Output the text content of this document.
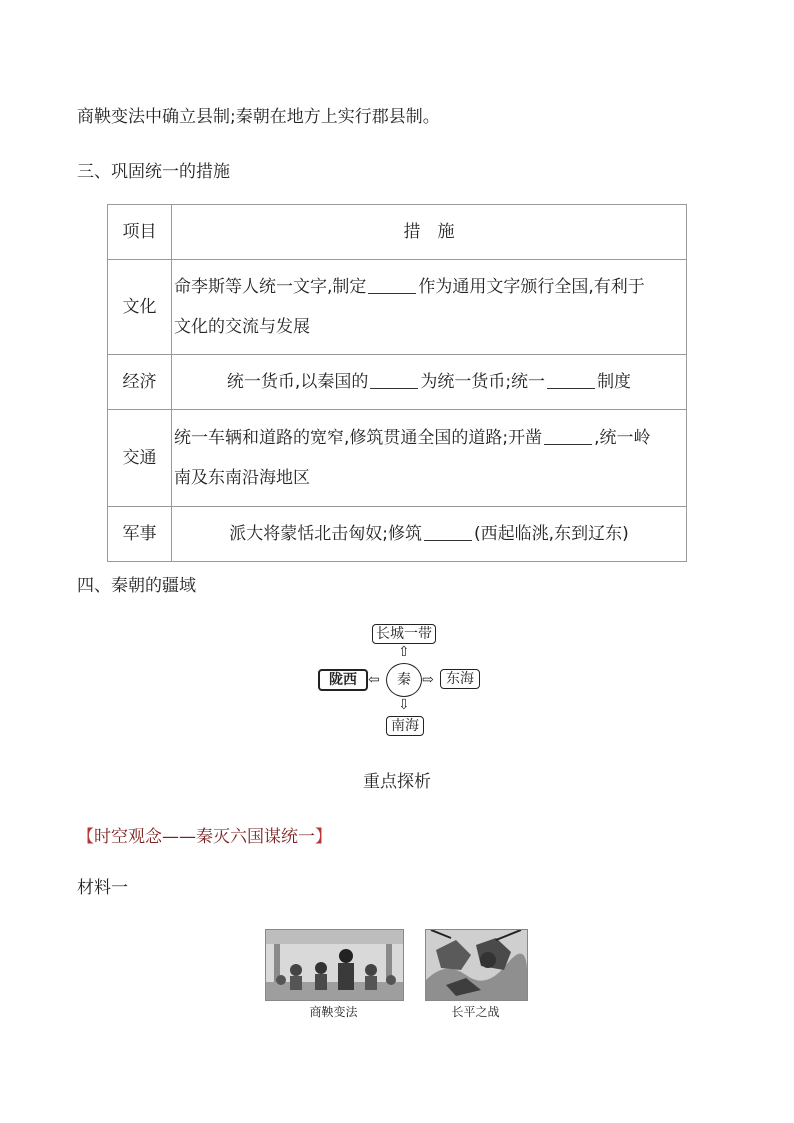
商鞅变法中确立县制;秦朝在地方上实行郡县制。
三、巩固统一的措施
项目	措　施
文化	命李斯等人统一文字,制定 作为通用文字颁行全国,有利于
文化的交流与发展
经济	统一货币,以秦国的 为统一货币;统一 制度
交通	统一车辆和道路的宽窄,修筑贯通全国的道路;开凿 ,统一岭
南及东南沿海地区
军事	派大将蒙恬北击匈奴;修筑 (西起临洮,东到辽东)
四、秦朝的疆域
长城一带
⇧
秦
⇦
陇西	⇨ 东海
⇩
南海
重点探析
【时空观念——秦灭六国谋统一】
材料一
商鞅变法	长平之战
